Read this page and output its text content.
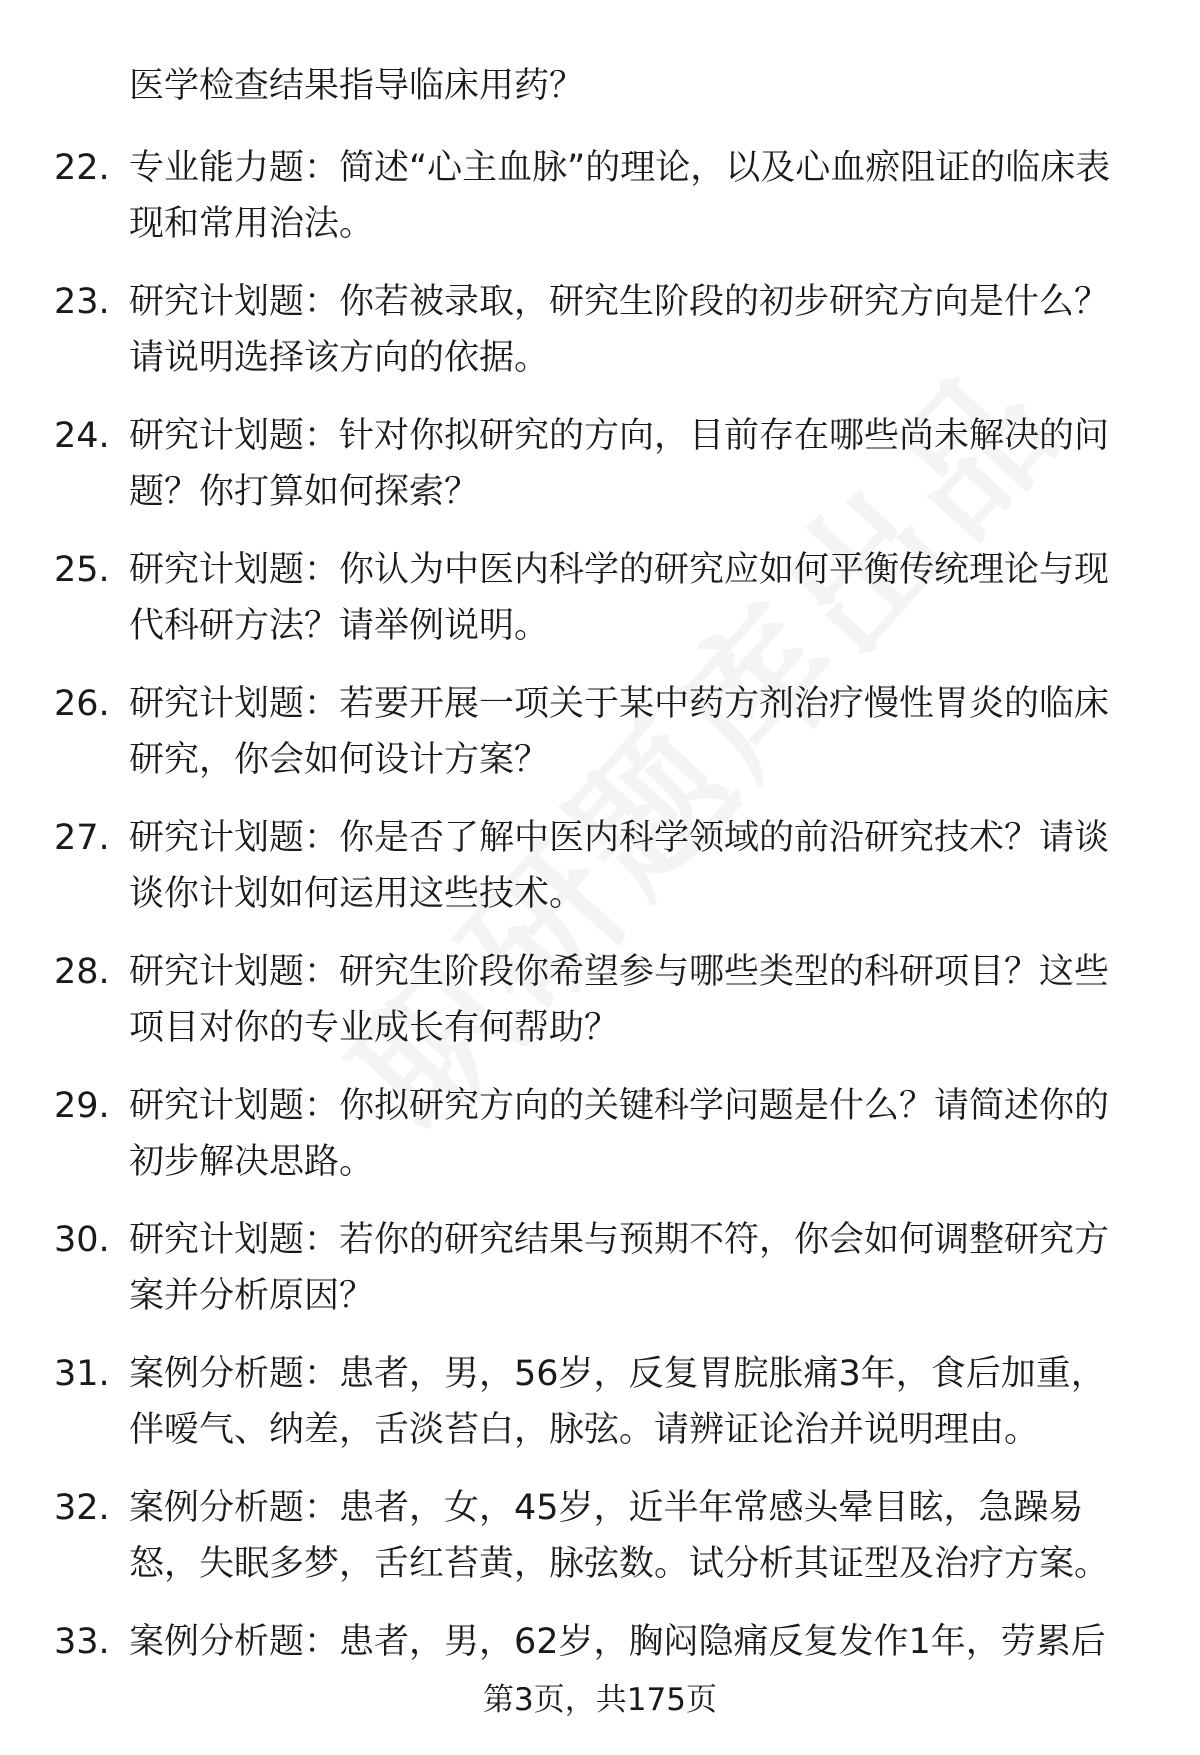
医学检查结果指导临床用药？
22. 专业能力题：简述“心主血脉”的理论，以及心血瘀阻证的临床表现和常用治法。
23. 研究计划题：你若被录取，研究生阶段的初步研究方向是什么？请说明选择该方向的依据。
24. 研究计划题：针对你拟研究的方向，目前存在哪些尚未解决的问题？你打算如何探索？
25. 研究计划题：你认为中医内科学的研究应如何平衡传统理论与现代科研方法？请举例说明。
26. 研究计划题：若要开展一项关于某中药方剂治疗慢性胃炎的临床研究，你会如何设计方案？
27. 研究计划题：你是否了解中医内科学领域的前沿研究技术？请谈谈你计划如何运用这些技术。
28. 研究计划题：研究生阶段你希望参与哪些类型的科研项目？这些项目对你的专业成长有何帮助？
29. 研究计划题：你拟研究方向的关键科学问题是什么？请简述你的初步解决思路。
30. 研究计划题：若你的研究结果与预期不符，你会如何调整研究方案并分析原因？
31. 案例分析题：患者，男，56岁，反复胃脘胀痛3年，食后加重，伴嗳气、纳差，舌淡苔白，脉弦。请辨证论治并说明理由。
32. 案例分析题：患者，女，45岁，近半年常感头晕目眩，急躁易怒，失眠多梦，舌红苔黄，脉弦数。试分析其证型及治疗方案。
33. 案例分析题：患者，男，62岁，胸闷隐痛反复发作1年，劳累后
第3页，共175页
